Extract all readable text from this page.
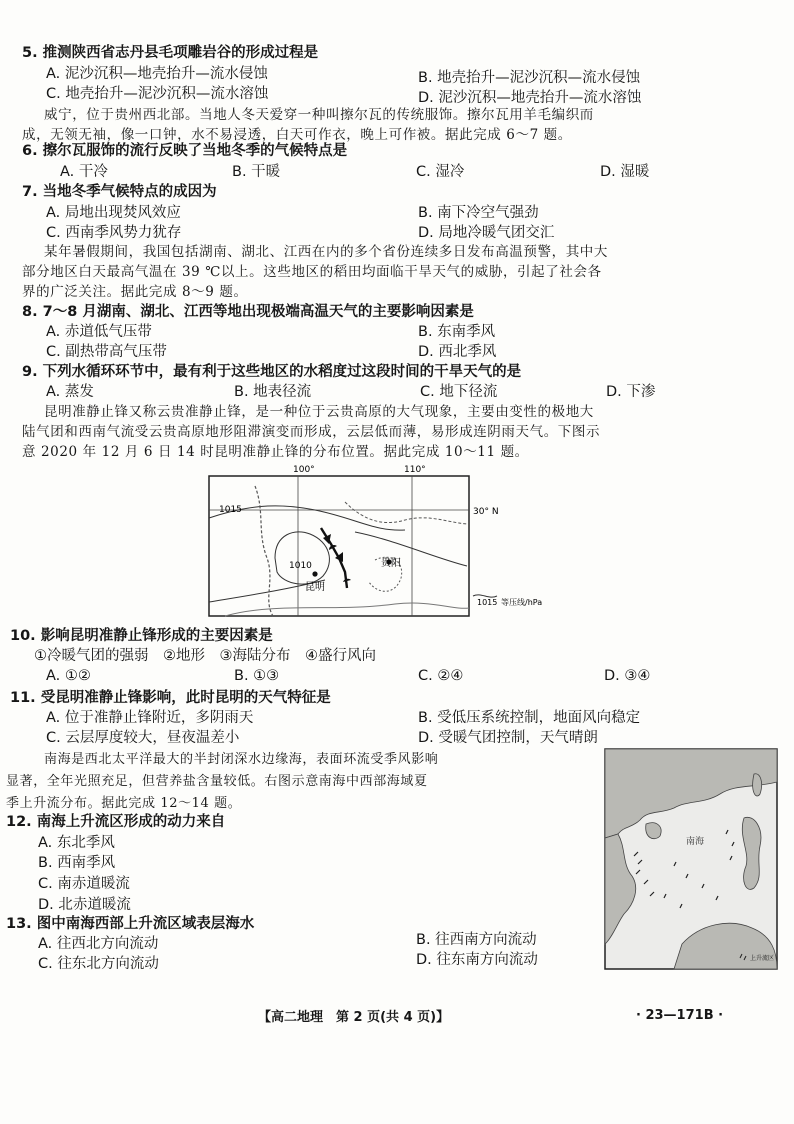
5. 推测陕西省志丹县毛项雕岩谷的形成过程是
A. 泥沙沉积—地壳抬升—流水侵蚀	B. 地壳抬升—泥沙沉积—流水侵蚀
C. 地壳抬升—泥沙沉积—流水溶蚀	D. 泥沙沉积—地壳抬升—流水溶蚀
威宁，位于贵州西北部。当地人冬天爱穿一种叫擦尔瓦的传统服饰。擦尔瓦用羊毛编织而
成，无领无袖，像一口钟，水不易浸透，白天可作衣，晚上可作被。据此完成 6～7 题。
6. 擦尔瓦服饰的流行反映了当地冬季的气候特点是
A. 干冷	B. 干暖	C. 湿冷	D. 湿暖
7. 当地冬季气候特点的成因为
A. 局地出现焚风效应	B. 南下冷空气强劲
C. 西南季风势力犹存	D. 局地冷暖气团交汇
某年暑假期间，我国包括湖南、湖北、江西在内的多个省份连续多日发布高温预警，其中大
部分地区白天最高气温在 39 ℃以上。这些地区的稻田均面临干旱天气的威胁，引起了社会各
界的广泛关注。据此完成 8～9 题。
8. 7～8 月湖南、湖北、江西等地出现极端高温天气的主要影响因素是
A. 赤道低气压带	B. 东南季风
C. 副热带高气压带	D. 西北季风
9. 下列水循环环节中，最有利于这些地区的水稻度过这段时间的干旱天气的是
A. 蒸发	B. 地表径流	C. 地下径流	D. 下渗
昆明准静止锋又称云贵准静止锋，是一种位于云贵高原的大气现象，主要由变性的极地大
陆气团和西南气流受云贵高原地形阻滞演变而形成，云层低而薄，易形成连阴雨天气。下图示
意 2020 年 12 月 6 日 14 时昆明准静止锋的分布位置。据此完成 10～11 题。
100°	110°
30° N
1015
1010
昆明
贵阳
1015 等压线/hPa
10. 影响昆明准静止锋形成的主要因素是
①冷暖气团的强弱　②地形　③海陆分布　④盛行风向
A. ①②	B. ①③	C. ②④	D. ③④
11. 受昆明准静止锋影响，此时昆明的天气特征是
A. 位于准静止锋附近，多阴雨天	B. 受低压系统控制，地面风向稳定
C. 云层厚度较大，昼夜温差小	D. 受暖气团控制，天气晴朗
南海是西北太平洋最大的半封闭深水边缘海，表面环流受季风影响
显著，全年光照充足，但营养盐含量较低。右图示意南海中西部海域夏
季上升流分布。据此完成 12～14 题。
南海
上升流区
12. 南海上升流区形成的动力来自
A. 东北季风
B. 西南季风
C. 南赤道暖流
D. 北赤道暖流
13. 图中南海西部上升流区域表层海水
A. 往西北方向流动	B. 往西南方向流动
C. 往东北方向流动	D. 往东南方向流动
【高二地理　第 2 页(共 4 页)】	· 23—171B ·
